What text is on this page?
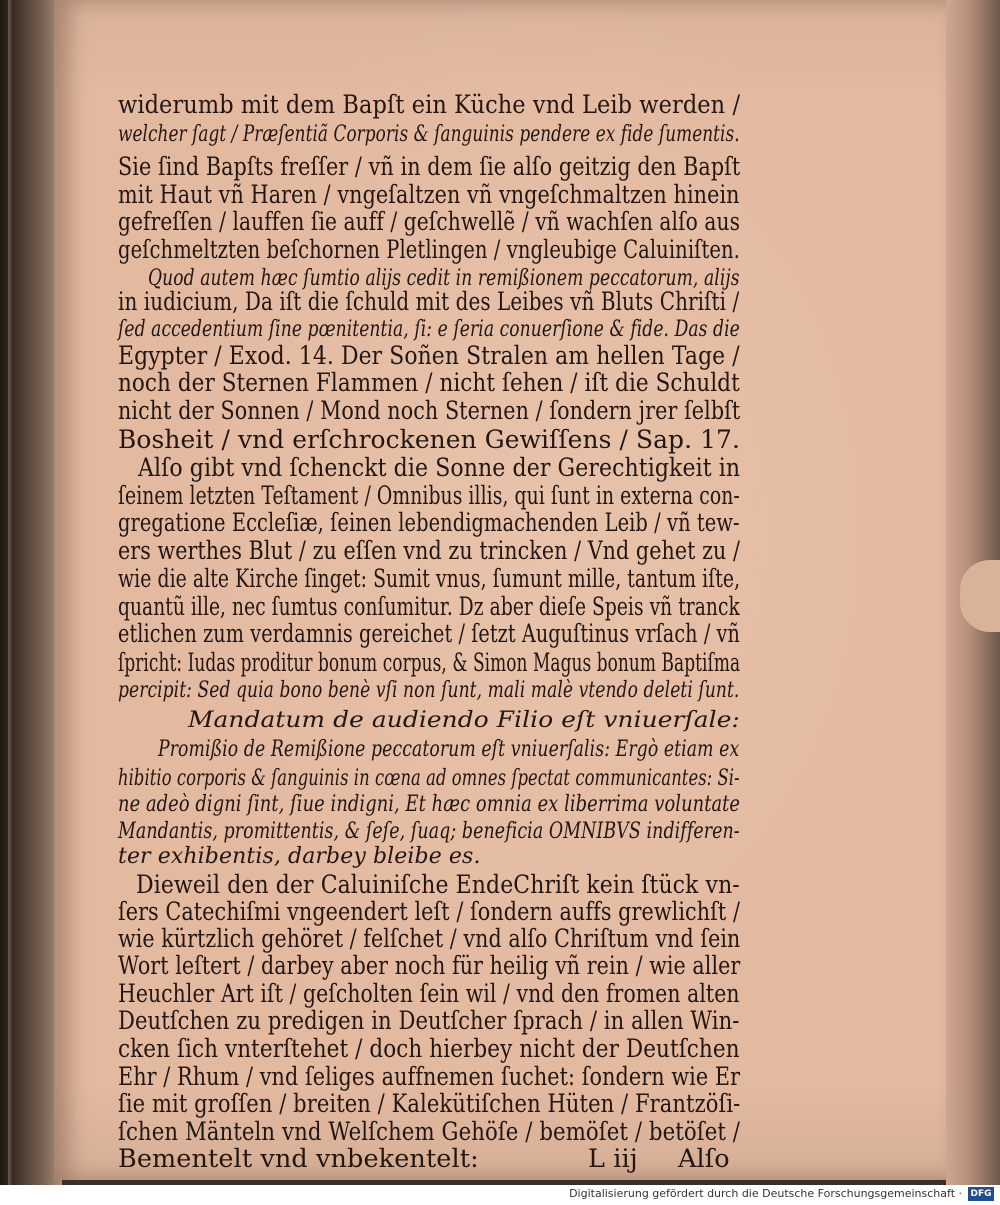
widerumb mit dem Bapſt ein Küche vnd Leib werden /
welcher ſagt / Præſentiã Corporis & ſanguinis pendere ex fide ſumentis.
Sie ſind Bapſts freſſer / vñ in dem ſie alſo geitzig den Bapſt
mit Haut vñ Haren / vngeſaltzen vñ vngeſchmaltzen hinein
gefreſſen / lauffen ſie auff / geſchwellẽ / vñ wachſen alſo aus
geſchmeltzten beſchornen Pletlingen / vngleubige Caluiniſten.
Quod autem hæc ſumtio alijs cedit in remißionem peccatorum, alijs
in iudicium, Da iſt die ſchuld mit des Leibes vñ Bluts Chriſti /
ſed accedentium ſine pœnitentia, ſi: e ſeria conuerſione & fide. Das die
Egypter / Exod. 14. Der Soñen Stralen am hellen Tage /
noch der Sternen Flammen / nicht ſehen / iſt die Schuldt
nicht der Sonnen / Mond noch Sternen / ſondern jrer ſelbſt
Bosheit / vnd erſchrockenen Gewiſſens / Sap. 17.
Alſo gibt vnd ſchenckt die Sonne der Gerechtigkeit in
ſeinem letzten Teſtament / Omnibus illis, qui ſunt in externa con-
gregatione Eccleſiæ, ſeinen lebendigmachenden Leib / vñ tew-
ers werthes Blut / zu eſſen vnd zu trincken / Vnd gehet zu /
wie die alte Kirche ſinget: Sumit vnus, ſumunt mille, tantum iſte,
quantũ ille, nec ſumtus conſumitur. Dz aber dieſe Speis vñ tranck
etlichen zum verdamnis gereichet / ſetzt Auguſtinus vrſach / vñ
ſpricht: Iudas proditur bonum corpus, & Simon Magus bonum Baptiſma
percipit: Sed quia bono benè vſi non ſunt, mali malè vtendo deleti ſunt.
Mandatum de audiendo Filio eſt vniuerſale:
Promißio de Remißione peccatorum eſt vniuerſalis: Ergò etiam ex
hibitio corporis & ſanguinis in cœna ad omnes ſpectat communicantes: Si-
ne adeò digni ſint, ſiue indigni, Et hæc omnia ex liberrima voluntate
Mandantis, promittentis, & ſeſe, ſuaq; beneficia OMNIBVS indifferen-
ter exhibentis, darbey bleibe es.
Dieweil den der Caluiniſche EndeChriſt kein ſtück vn-
ſers Catechiſmi vngeendert leſt / ſondern auffs grewlichſt /
wie kürtzlich gehöret / felſchet / vnd alſo Chriſtum vnd ſein
Wort leſtert / darbey aber noch für heilig vñ rein / wie aller
Heuchler Art iſt / geſcholten ſein wil / vnd den fromen alten
Deutſchen zu predigen in Deutſcher ſprach / in allen Win-
cken ſich vnterſtehet / doch hierbey nicht der Deutſchen
Ehr / Rhum / vnd ſeliges auffnemen ſuchet: ſondern wie Er
ſie mit groſſen / breiten / Kalekütiſchen Hüten / Frantzöſi-
ſchen Mänteln vnd Welſchem Gehöſe / bemöſet / betöſet /
Bementelt vnd vnbekentelt:	L iij Alſo
Digitalisierung gefördert durch die Deutsche Forschungsgemeinschaft · DFG
